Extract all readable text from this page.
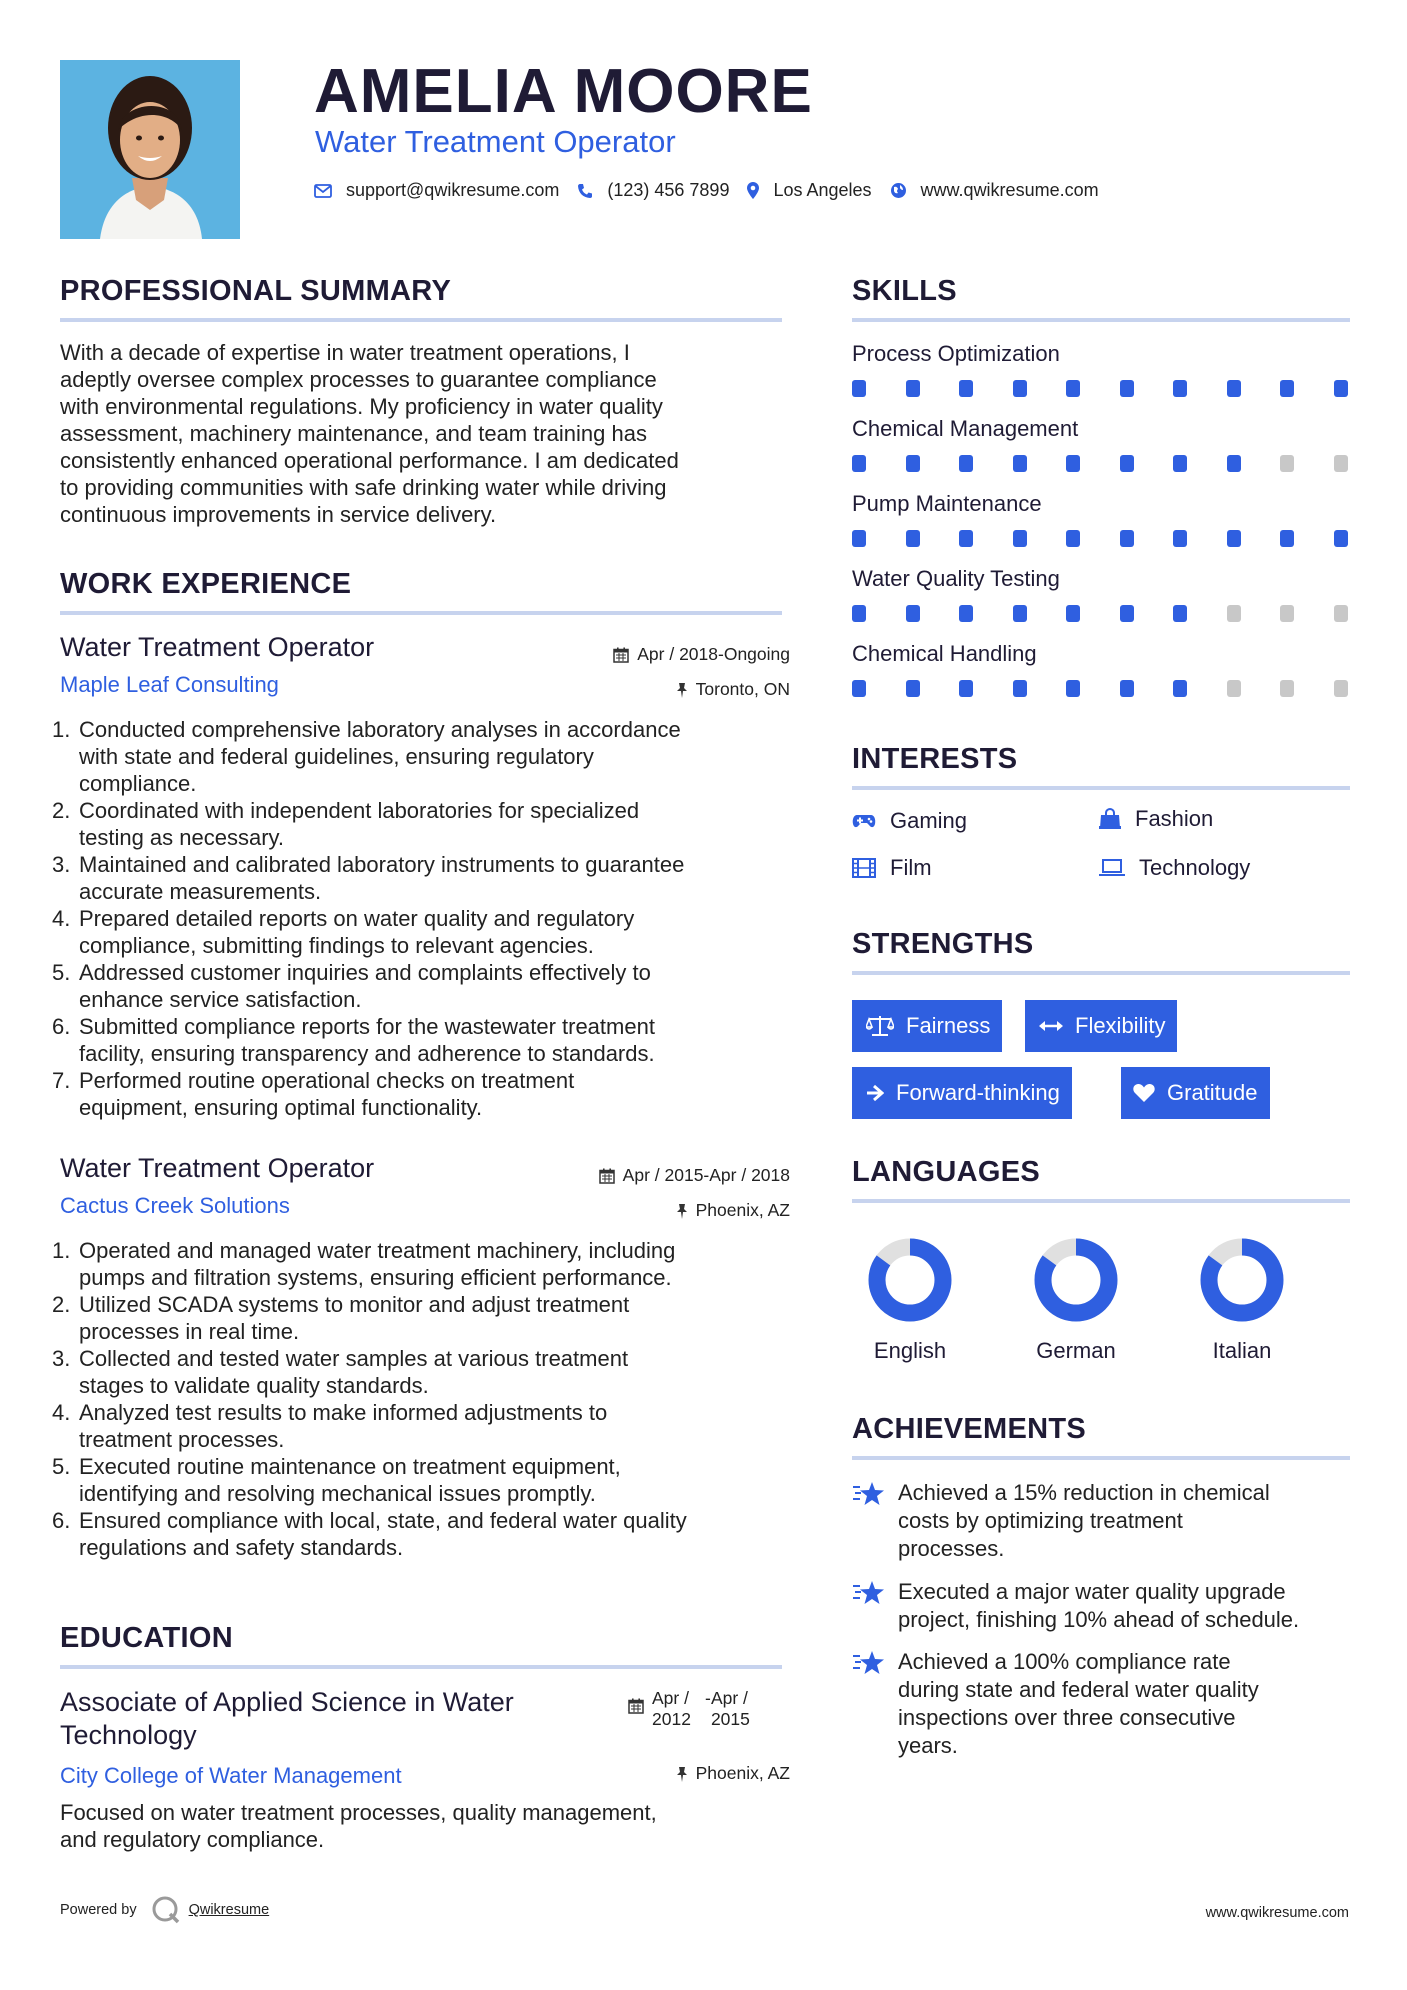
AMELIA MOORE
Water Treatment Operator
support@qwikresume.com	(123) 456 7899 Los Angeles	www.qwikresume.com
PROFESSIONAL SUMMARY
With a decade of expertise in water treatment operations, I
adeptly oversee complex processes to guarantee compliance
with environmental regulations. My proficiency in water quality
assessment, machinery maintenance, and team training has
consistently enhanced operational performance. I am dedicated
to providing communities with safe drinking water while driving
continuous improvements in service delivery.
WORK EXPERIENCE
Water Treatment Operator	Apr / 2018-Ongoing
Maple Leaf Consulting	Toronto, ON
1. Conducted comprehensive laboratory analyses in accordance
with state and federal guidelines, ensuring regulatory
compliance.
2. Coordinated with independent laboratories for specialized
testing as necessary.
3. Maintained and calibrated laboratory instruments to guarantee
accurate measurements.
4. Prepared detailed reports on water quality and regulatory
compliance, submitting findings to relevant agencies.
5. Addressed customer inquiries and complaints effectively to
enhance service satisfaction.
6. Submitted compliance reports for the wastewater treatment
facility, ensuring transparency and adherence to standards.
7. Performed routine operational checks on treatment
equipment, ensuring optimal functionality.
Water Treatment Operator	Apr / 2015-Apr / 2018
Cactus Creek Solutions	Phoenix, AZ
1. Operated and managed water treatment machinery, including
pumps and filtration systems, ensuring efficient performance.
2. Utilized SCADA systems to monitor and adjust treatment
processes in real time.
3. Collected and tested water samples at various treatment
stages to validate quality standards.
4. Analyzed test results to make informed adjustments to
treatment processes.
5. Executed routine maintenance on treatment equipment,
identifying and resolving mechanical issues promptly.
6. Ensured compliance with local, state, and federal water quality
regulations and safety standards.
EDUCATION
Associate of Applied Science in Water
Technology
Apr /
2012
- Apr /
2015
City College of Water Management	Phoenix, AZ
Focused on water treatment processes, quality management,
and regulatory compliance.
SKILLS
Process Optimization
Chemical Management
Pump Maintenance
Water Quality Testing
Chemical Handling
INTERESTS
Gaming	Fashion
Film	Technology
STRENGTHS
Fairness	Flexibility
Forward-thinking	Gratitude
LANGUAGES
English	German	Italian
ACHIEVEMENTS
Achieved a 15% reduction in chemical
costs by optimizing treatment
processes.
Executed a major water quality upgrade
project, finishing 10% ahead of schedule.
Achieved a 100% compliance rate
during state and federal water quality
inspections over three consecutive
years.
Powered by	Qwikresume	www.qwikresume.com
